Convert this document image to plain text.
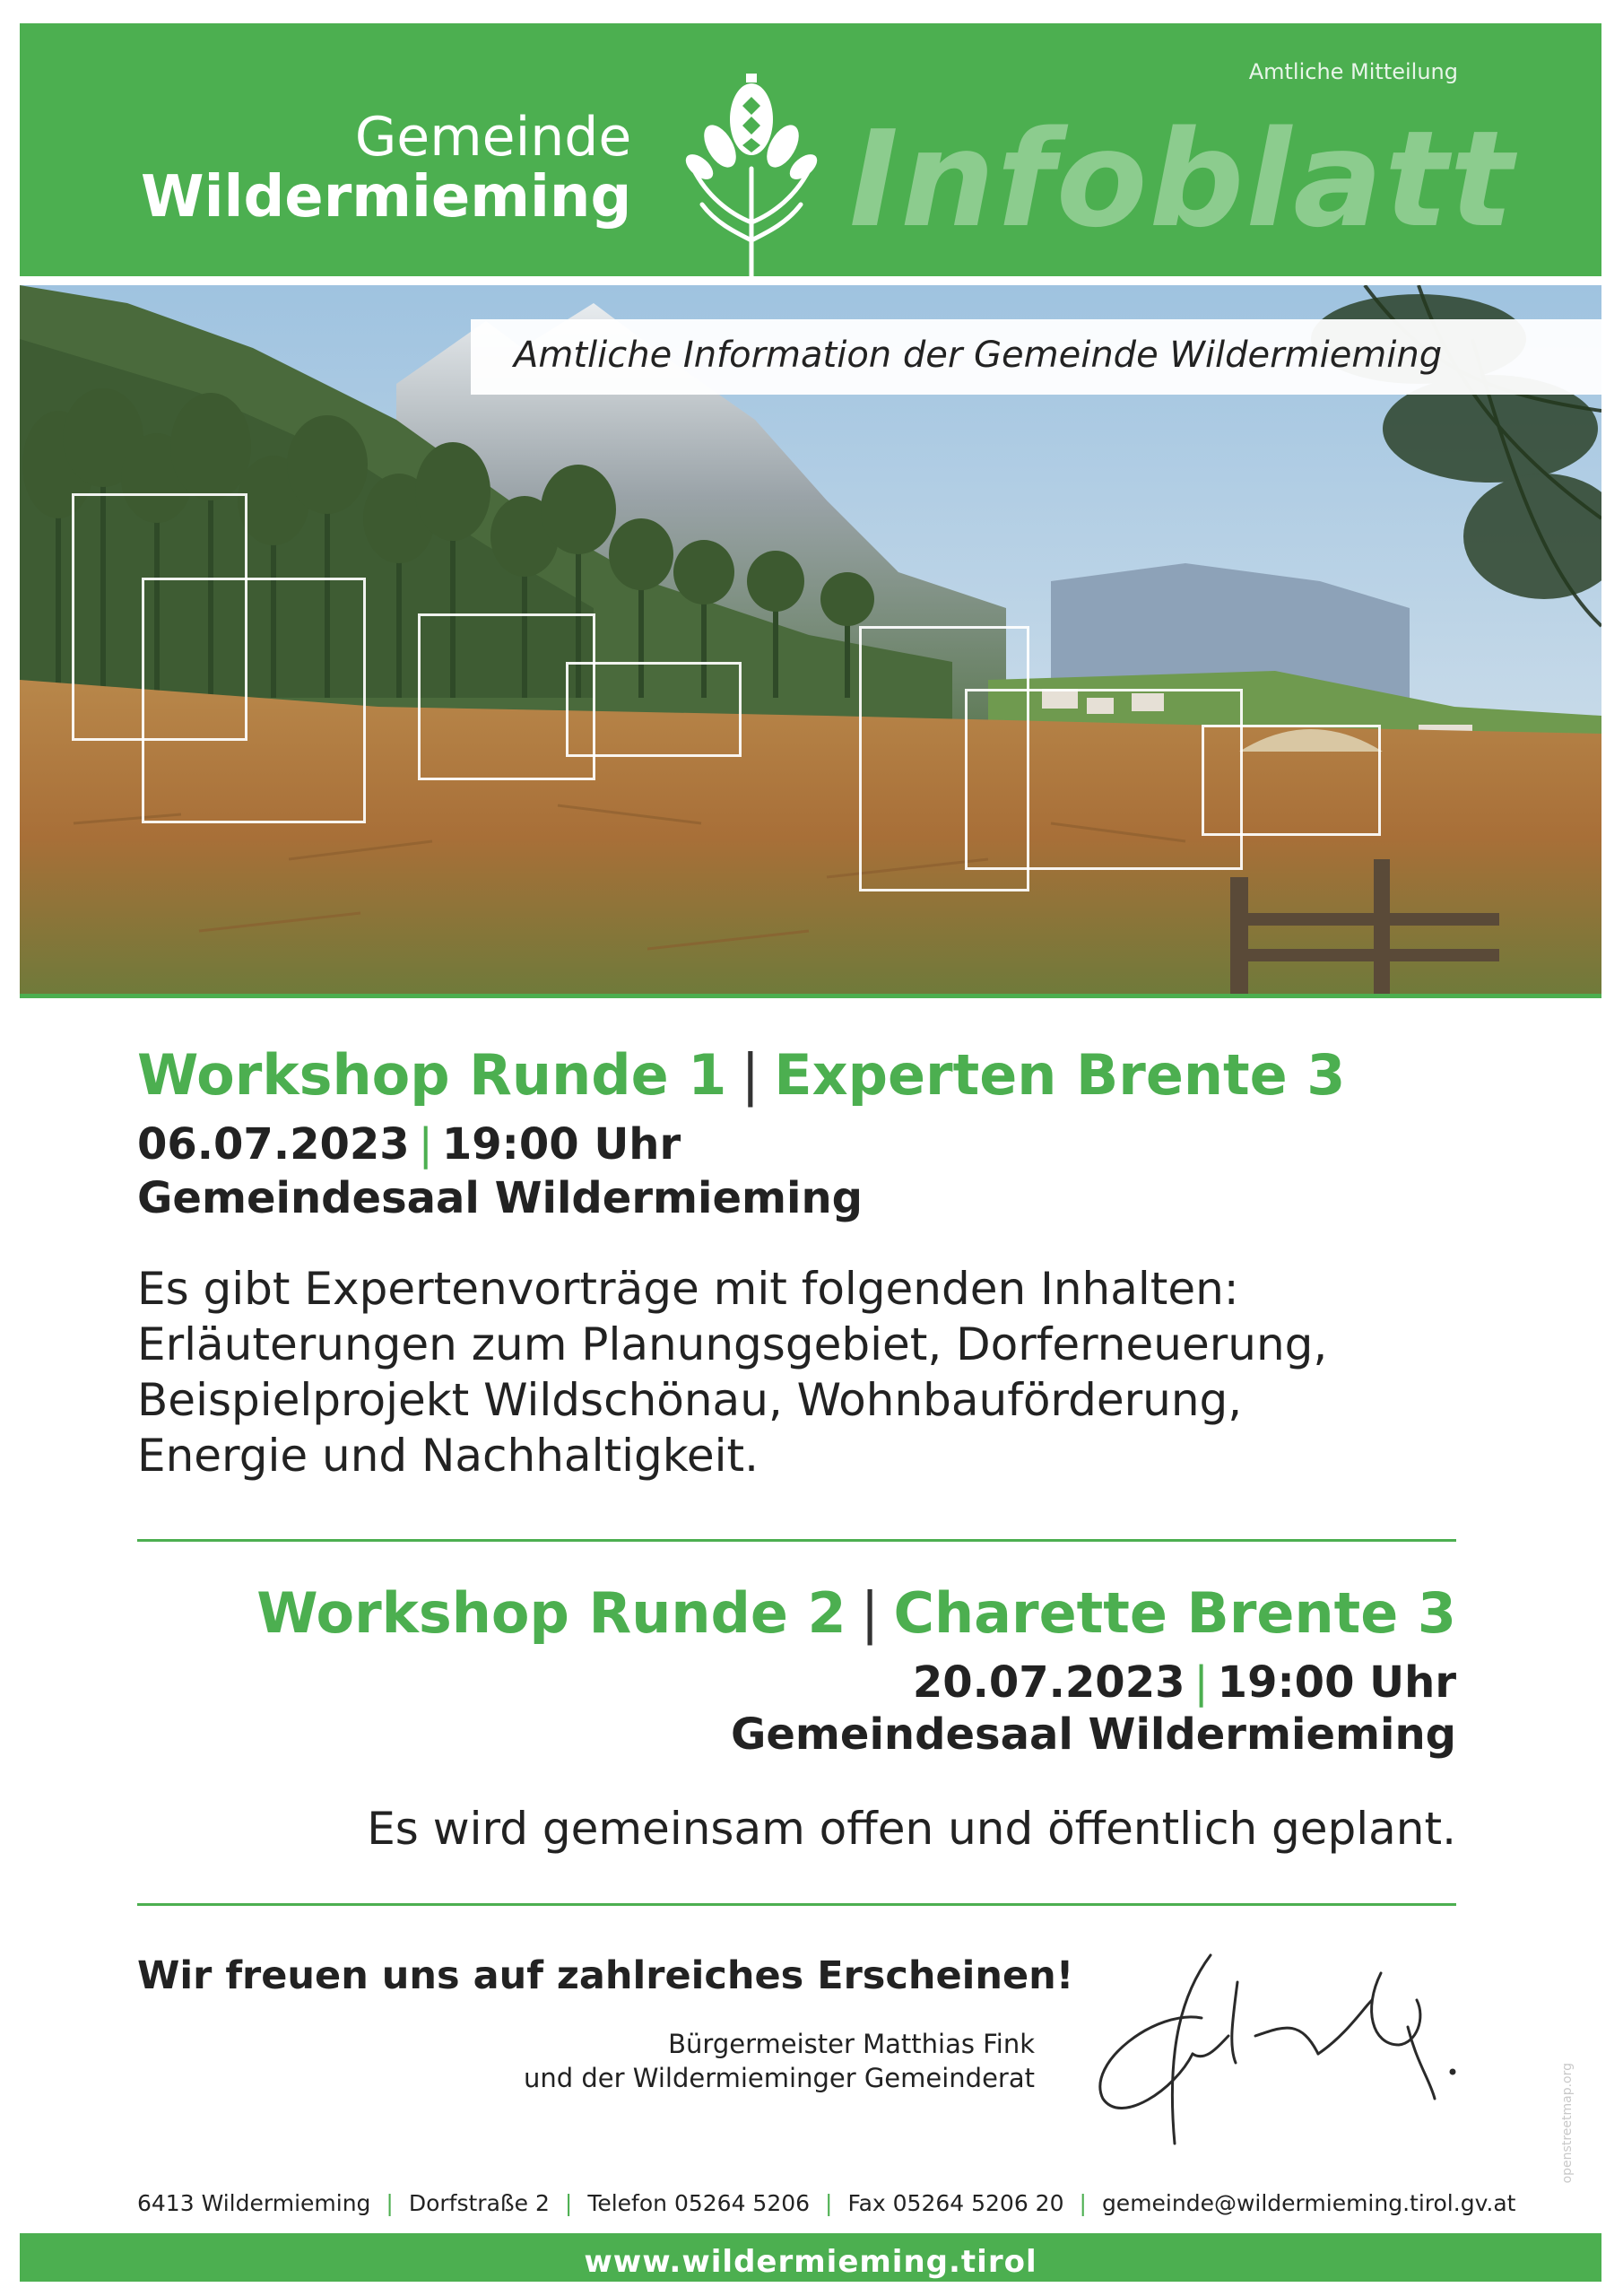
Amtliche Mitteilung
Gemeinde
Wildermieming Infoblatt
Amtliche Information der Gemeinde Wildermieming
Workshop Runde 1 | Experten Brente 3
06.07.2023 | 19:00 Uhr
Gemeindesaal Wildermieming
Es gibt Expertenvorträge mit folgenden Inhalten:
Erläuterungen zum Planungsgebiet, Dorferneuerung,
Beispielprojekt Wildschönau, Wohnbauförderung,
Energie und Nachhaltigkeit.
Workshop Runde 2 | Charette Brente 3
20.07.2023 | 19:00 Uhr
Gemeindesaal Wildermieming
Es wird gemeinsam offen und öffentlich geplant.
Wir freuen uns auf zahlreiches Erscheinen!
Bürgermeister Matthias Fink
und der Wildermieminger Gemeinderat	openstreetmap.org
6413 Wildermieming | Dorfstraße 2 | Telefon 05264 5206 | Fax 05264 5206 20 | gemeinde@wildermieming.tirol.gv.at
www.wildermieming.tirol
